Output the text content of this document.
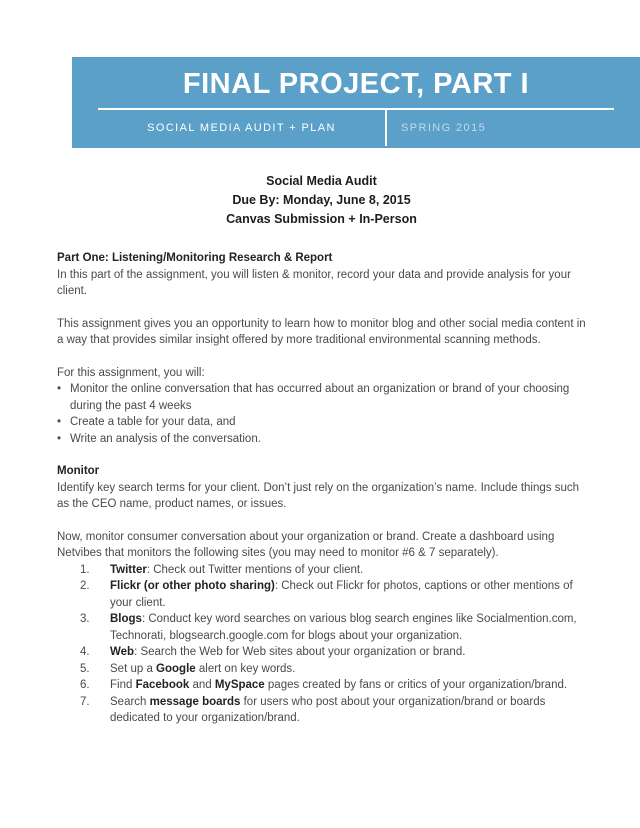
FINAL PROJECT, PART I
SOCIAL MEDIA AUDIT + PLAN	SPRING 2015
Social Media Audit
Due By: Monday, June 8, 2015
Canvas Submission + In-Person
Part One: Listening/Monitoring Research & Report

In this part of the assignment, you will listen & monitor, record your data and provide analysis for your client.

This assignment gives you an opportunity to learn how to monitor blog and other social media content in a way that provides similar insight offered by more traditional environmental scanning methods.

For this assignment, you will:
• Monitor the online conversation that has occurred about an organization or brand of your choosing during the past 4 weeks
• Create a table for your data, and
• Write an analysis of the conversation.
Monitor

Identify key search terms for your client. Don’t just rely on the organization’s name. Include things such as the CEO name, product names, or issues.

Now, monitor consumer conversation about your organization or brand. Create a dashboard using Netvibes that monitors the following sites (you may need to monitor #6 & 7 separately).

1.	Twitter: Check out Twitter mentions of your client.
2.	Flickr (or other photo sharing): Check out Flickr for photos, captions or other mentions of your client.
3.	Blogs: Conduct key word searches on various blog search engines like Socialmention.com, Technorati, blogsearch.google.com for blogs about your organization.
4.	Web: Search the Web for Web sites about your organization or brand.
5.	Set up a Google alert on key words.
6.	Find Facebook and MySpace pages created by fans or critics of your organization/brand.
7.	Search message boards for users who post about your organization/brand or boards dedicated to your organization/brand.
